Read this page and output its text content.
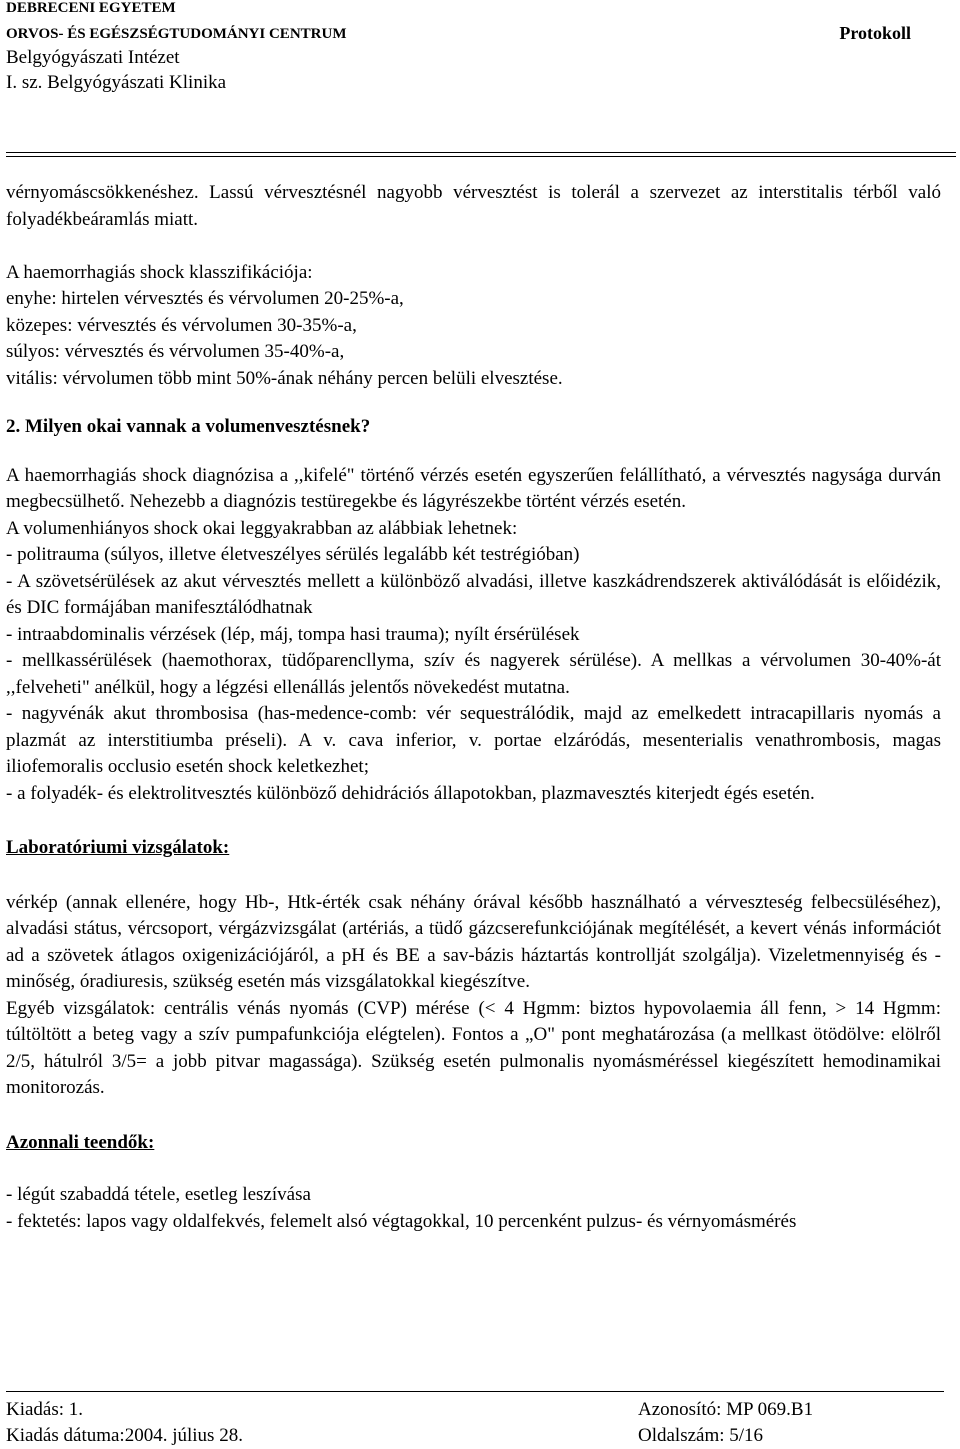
DEBRECENI EGYETEM
ORVOS- ÉS EGÉSZSÉGTUDOMÁNYI CENTRUM
Belgyógyászati Intézet
I. sz. Belgyógyászati Klinika
Protokoll

vérnyomáscsökkenéshez. Lassú vérvesztésnél nagyobb vérvesztést is tolerál a szervezet az interstitalis térből való folyadékbeáramlás miatt.

A haemorrhagiás shock klasszifikációja:

enyhe: hirtelen vérvesztés és vérvolumen 20-25%-a,

közepes: vérvesztés és vérvolumen 30-35%-a,

súlyos: vérvesztés és vérvolumen 35-40%-a,

vitális: vérvolumen több mint 50%-ának néhány percen belüli elvesztése.

2. Milyen okai vannak a volumenvesztésnek?

A haemorrhagiás shock diagnózisa a ,,kifelé" történő vérzés esetén egyszerűen felállítható, a vérvesztés nagysága durván megbecsülhető. Nehezebb a diagnózis testüregekbe és lágyrészekbe történt vérzés esetén.

A volumenhiányos shock okai leggyakrabban az alábbiak lehetnek:

- politrauma (súlyos, illetve életveszélyes sérülés legalább két testrégióban)

- A szövetsérülések az akut vérvesztés mellett a különböző alvadási, illetve kaszkádrendszerek aktiválódását is előidézik, és DIC formájában manifesztálódhatnak

- intraabdominalis vérzések (lép, máj, tompa hasi trauma); nyílt érsérülések

- mellkassérülések (haemothorax, tüdőparencllyma, szív és nagyerek sérülése). A mellkas a vérvolumen 30-40%-át ,,felveheti" anélkül, hogy a légzési ellenállás jelentős növekedést mutatna.

- nagyvénák akut thrombosisa (has-medence-comb: vér sequestrálódik, majd az emelkedett intracapillaris nyomás a plazmát az interstitiumba préseli). A v. cava inferior, v. portae elzáródás, mesenterialis venathrombosis, magas iliofemoralis occlusio esetén shock keletkezhet;

- a folyadék- és elektrolitvesztés különböző dehidrációs állapotokban, plazmavesztés kiterjedt égés esetén.

Laboratóriumi vizsgálatok:

vérkép (annak ellenére, hogy Hb-, Htk-érték csak néhány órával később használható a vérveszteség felbecsüléséhez), alvadási státus, vércsoport, vérgázvizsgálat (artériás, a tüdő gázcserefunkciójának megítélését, a kevert vénás információt ad a szövetek átlagos oxigenizációjáról, a pH és BE a sav-bázis háztartás kontrollját szolgálja). Vizeletmennyiség és -minőség, óradiuresis, szükség esetén más vizsgálatokkal kiegészítve.

Egyéb vizsgálatok: centrális vénás nyomás (CVP) mérése (< 4 Hgmm: biztos hypovolaemia áll fenn, > 14 Hgmm: túltöltött a beteg vagy a szív pumpafunkciója elégtelen). Fontos a „O" pont meghatározása (a mellkast ötödölve: elölről 2/5, hátulról 3/5= a jobb pitvar magassága). Szükség esetén pulmonalis nyomásméréssel kiegészített hemodinamikai monitorozás.

Azonnali teendők:

- légút szabaddá tétele, esetleg leszívása

- fektetés: lapos vagy oldalfekvés, felemelt alsó végtagokkal, 10 percenként pulzus- és vérnyomásmérés

Kiadás: 1.
Kiadás dátuma:2004. július 28.
Azonosító: MP 069.B1
Oldalszám: 5/16
